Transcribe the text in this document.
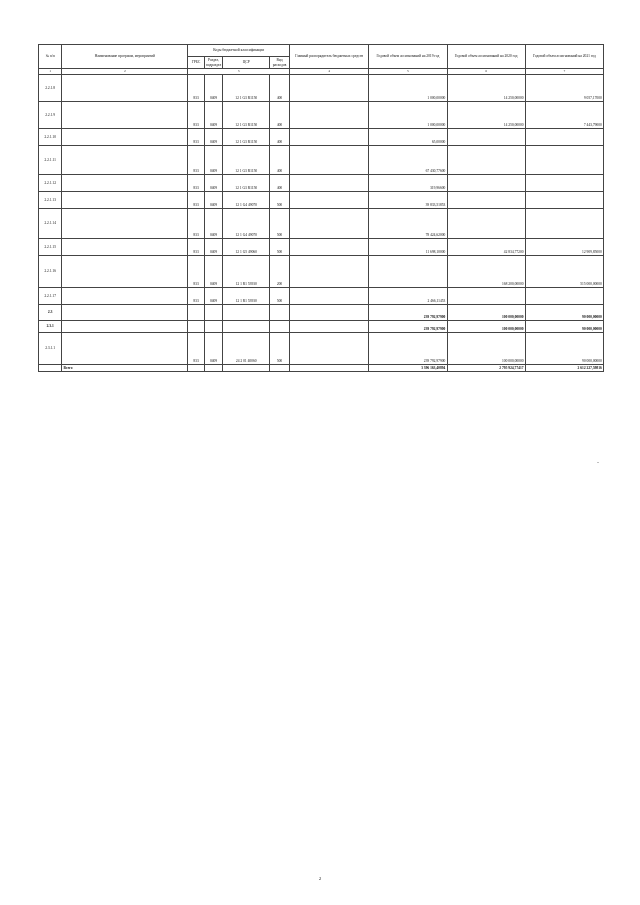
№ п/п	Наименование программ, мероприятий	Коды бюджетной классификации				Главный распорядитель бюджетных средств	Годовой объем ассигнований на 2019 год	Годовой объем ассигнований на 2020 год	Годовой объем ассигнований на 2021 год
		ГРБС	Раздел, подраздел	ЦСР	Вид расходов				
1	2	3				4	5	6	7
2.2.1.8		833	0409	12 1 G3 R1150	400		1 000,00000	14 250,00000	9 057,17000
2.2.1.9		833	0409	12 1 G3 R1150	400		1 000,00000	14 250,00000	7 443,79000
2.2.1.10		833	0409	12 1 G3 R1150	400		65,00000		
2.2.1.11		833	0409	12 1 G3 R1150	400		67 430,77600		
2.2.1.12		833	0409	12 1 G3 R1150	400		319,96600		
2.2.1.13		833	0409	12 1 G4 49070	500		39 833,51853		
2.2.1.14		833	0409	12 1 G4 49070	500		78 424,62000		
2.2.1.15		833	0409	12 1 G5 49060	500		11 698,10000	42 834,77200	12 909,85000
2.2.1.16		833	0409	12 1 R1 53930	200			168 200,00000	515 000,00000
2.2.1.17		833	0409	12 1 R1 53930	500		2 466,11453		
2.3							239 792,97900	100 000,00000	90 000,00000
2.3.1							239 792,97900	100 000,00000	90 000,00000
2.3.1.1		833	0409	24 2 01 40060	500		239 792,97900	100 000,00000	90 000,00000
	Всего						3 396 163,40894	2 795 924,77417	2 612 227,59816
"
2
